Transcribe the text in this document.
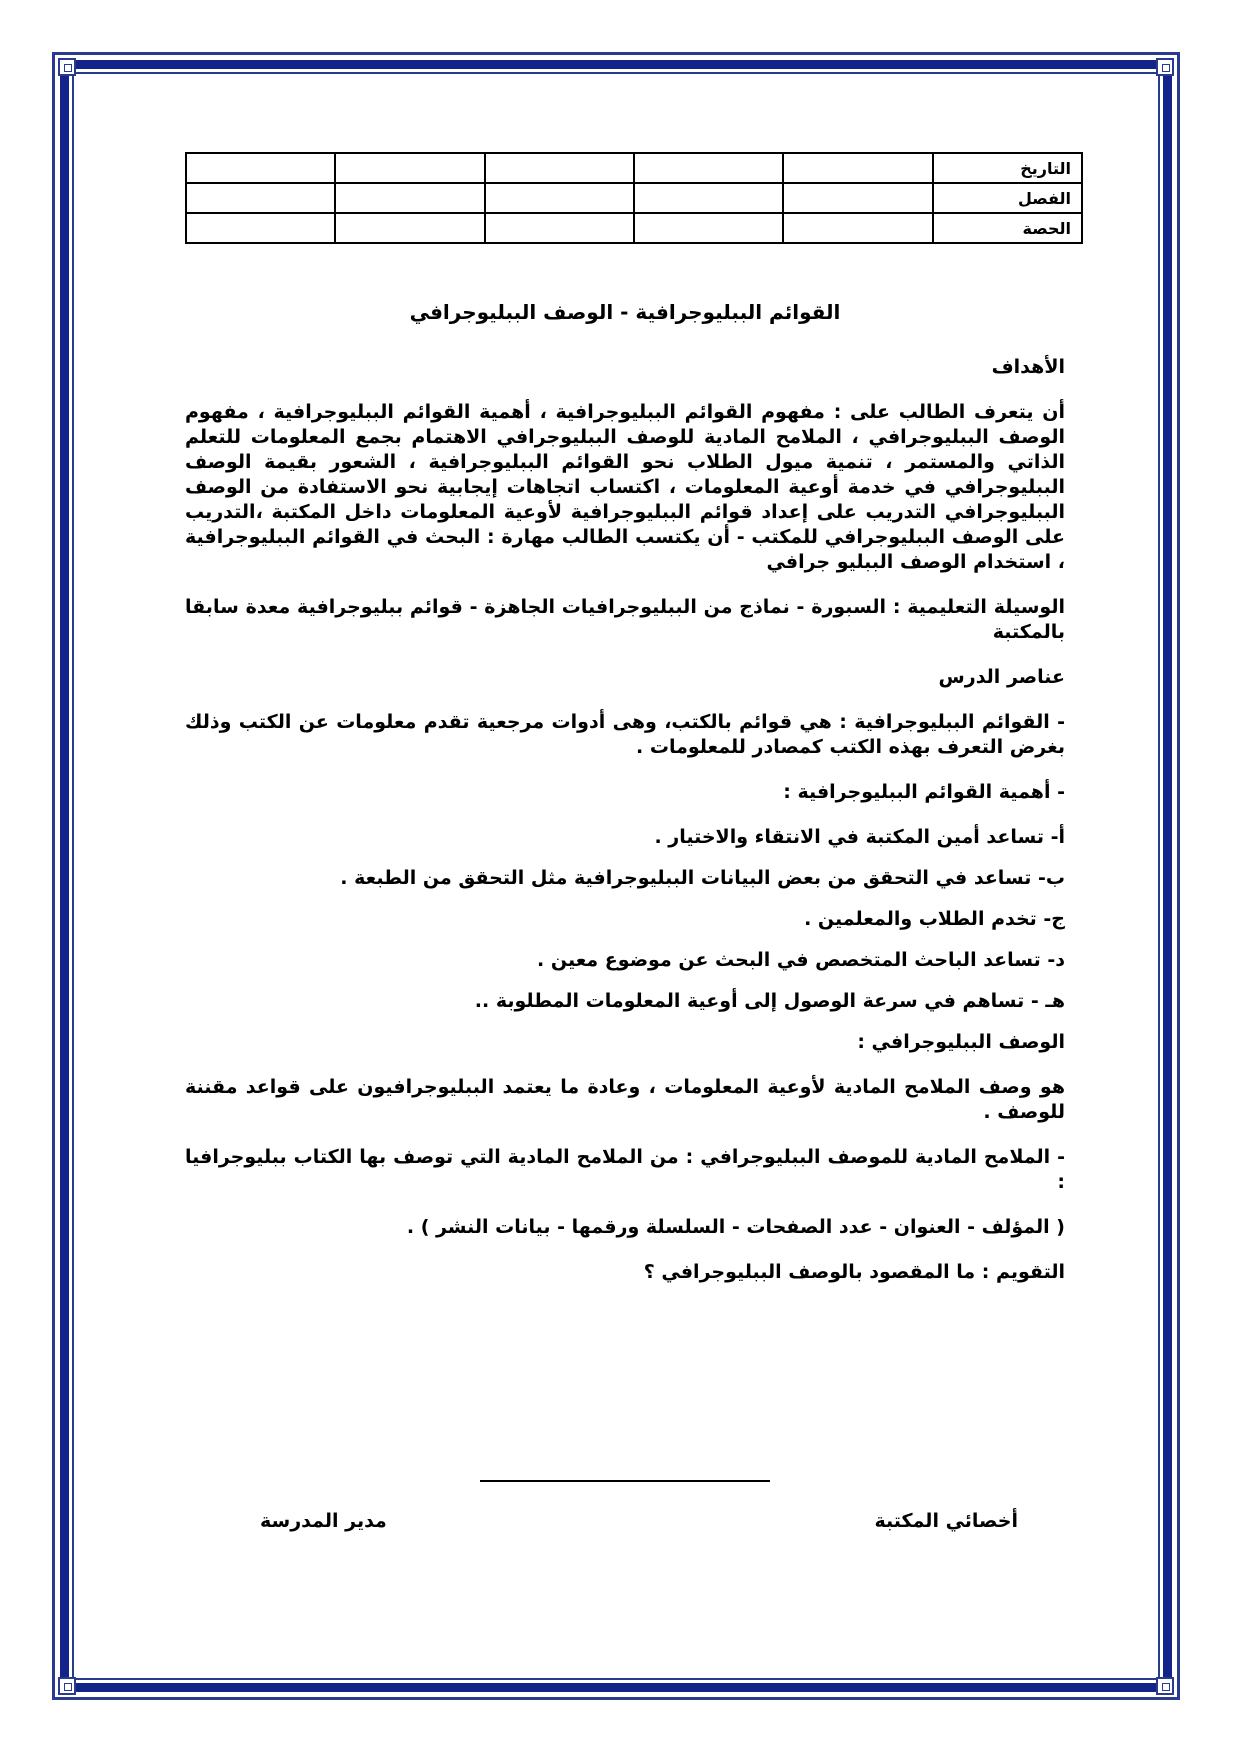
التاريخ					
الفصل					
الحصة					
القوائم الببليوجرافية - الوصف الببليوجرافي
الأهداف
أن يتعرف الطالب على : مفهوم القوائم الببليوجرافية ، أهمية القوائم الببليوجرافية ، مفهوم الوصف الببليوجرافي ، الملامح المادية للوصف الببليوجرافي الاهتمام بجمع المعلومات للتعلم الذاتي والمستمر ، تنمية ميول الطلاب نحو القوائم الببليوجرافية ، الشعور بقيمة الوصف الببليوجرافي في خدمة أوعية المعلومات ، اكتساب اتجاهات إيجابية نحو الاستفادة من الوصف الببليوجرافي التدريب على إعداد قوائم الببليوجرافية لأوعية المعلومات داخل المكتبة ،التدريب على الوصف الببليوجرافي للمكتب - أن يكتسب الطالب مهارة : البحث في القوائم الببليوجرافية ، استخدام الوصف الببليو جرافي
الوسيلة التعليمية : السبورة - نماذج من الببليوجرافيات الجاهزة - قوائم ببليوجرافية معدة سابقا بالمكتبة
عناصر الدرس
- القوائم الببليوجرافية : هي قوائم بالكتب، وهى أدوات مرجعية تقدم معلومات عن الكتب وذلك بغرض التعرف بهذه الكتب كمصادر للمعلومات .
- أهمية القوائم الببليوجرافية :
أ- تساعد أمين المكتبة في الانتقاء والاختيار .
ب- تساعد في التحقق من بعض البيانات الببليوجرافية مثل التحقق من الطبعة .
ج- تخدم الطلاب والمعلمين .
د- تساعد الباحث المتخصص في البحث عن موضوع معين .
هـ - تساهم في سرعة الوصول إلى أوعية المعلومات المطلوبة ..
الوصف الببليوجرافي :
هو وصف الملامح المادية لأوعية المعلومات ، وعادة ما يعتمد الببليوجرافيون على قواعد مقننة للوصف .
- الملامح المادية للموصف الببليوجرافي : من الملامح المادية التي توصف بها الكتاب ببليوجرافيا :
( المؤلف - العنوان - عدد الصفحات - السلسلة ورقمها - بيانات النشر ) .
التقويم : ما المقصود بالوصف الببليوجرافي ؟
أخصائي المكتبة
مدير المدرسة
